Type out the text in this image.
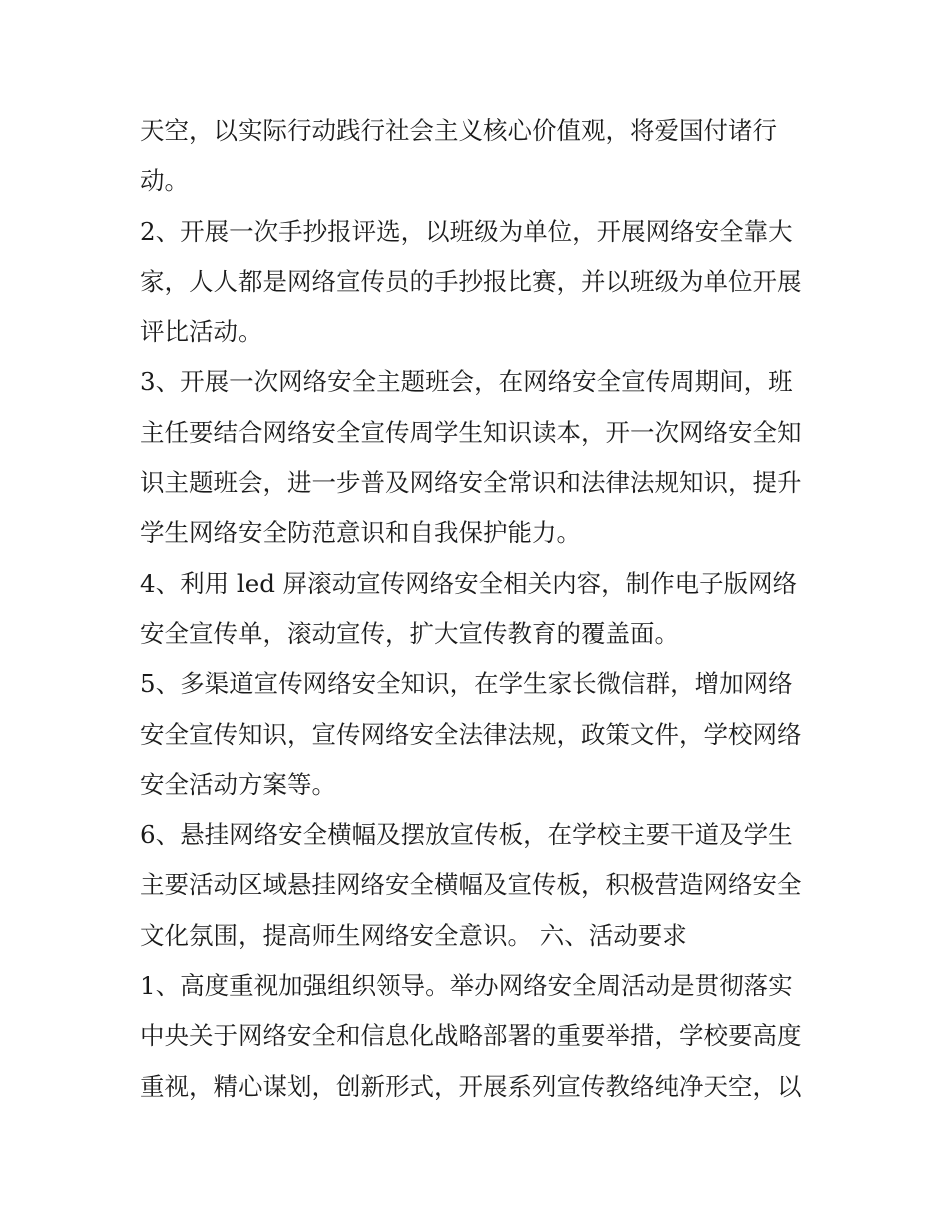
天空，以实际行动践行社会主义核心价值观，将爱国付诸行
动。
2、开展一次手抄报评选，以班级为单位，开展网络安全靠大
家，人人都是网络宣传员的手抄报比赛，并以班级为单位开展
评比活动。
3、开展一次网络安全主题班会，在网络安全宣传周期间，班
主任要结合网络安全宣传周学生知识读本，开一次网络安全知
识主题班会，进一步普及网络安全常识和法律法规知识，提升
学生网络安全防范意识和自我保护能力。
4、利用 led 屏滚动宣传网络安全相关内容，制作电子版网络
安全宣传单，滚动宣传，扩大宣传教育的覆盖面。
5、多渠道宣传网络安全知识，在学生家长微信群，增加网络
安全宣传知识，宣传网络安全法律法规，政策文件，学校网络
安全活动方案等。
6、悬挂网络安全横幅及摆放宣传板，在学校主要干道及学生
主要活动区域悬挂网络安全横幅及宣传板，积极营造网络安全
文化氛围，提高师生网络安全意识。 六、活动要求
1、高度重视加强组织领导。举办网络安全周活动是贯彻落实
中央关于网络安全和信息化战略部署的重要举措，学校要高度
重视，精心谋划，创新形式，开展系列宣传教络纯净天空，以
